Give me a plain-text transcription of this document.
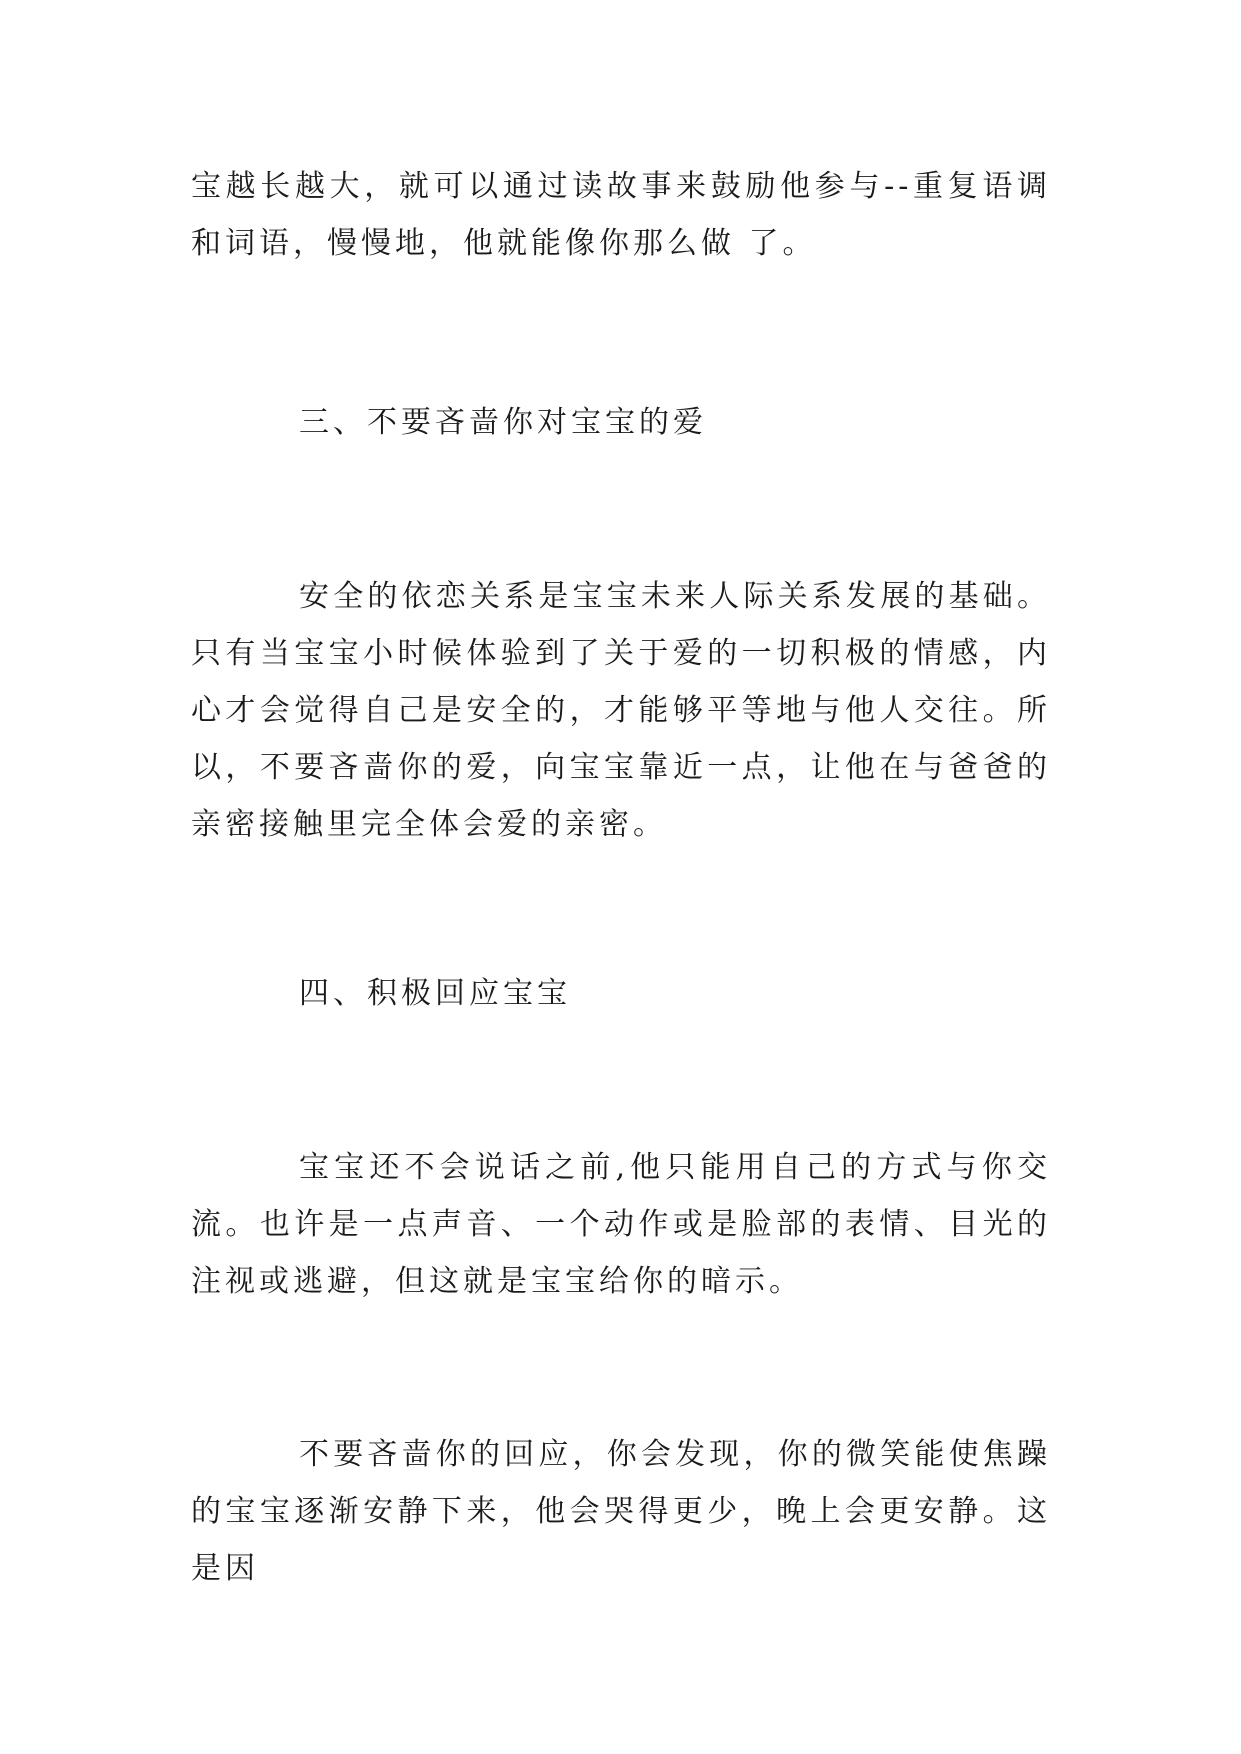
宝越长越大，就可以通过读故事来鼓励他参与--重复语调和词语，慢慢地，他就能像你那么做 了。

三、不要吝啬你对宝宝的爱

安全的依恋关系是宝宝未来人际关系发展的基础。只有当宝宝小时候体验到了关于爱的一切积极的情感，内心才会觉得自己是安全的，才能够平等地与他人交往。所以，不要吝啬你的爱，向宝宝靠近一点，让他在与爸爸的亲密接触里完全体会爱的亲密。

四、积极回应宝宝

宝宝还不会说话之前,他只能用自己的方式与你交流。也许是一点声音、一个动作或是脸部的表情、目光的注视或逃避，但这就是宝宝给你的暗示。

不要吝啬你的回应，你会发现，你的微笑能使焦躁的宝宝逐渐安静下来，他会哭得更少，晚上会更安静。这是因
